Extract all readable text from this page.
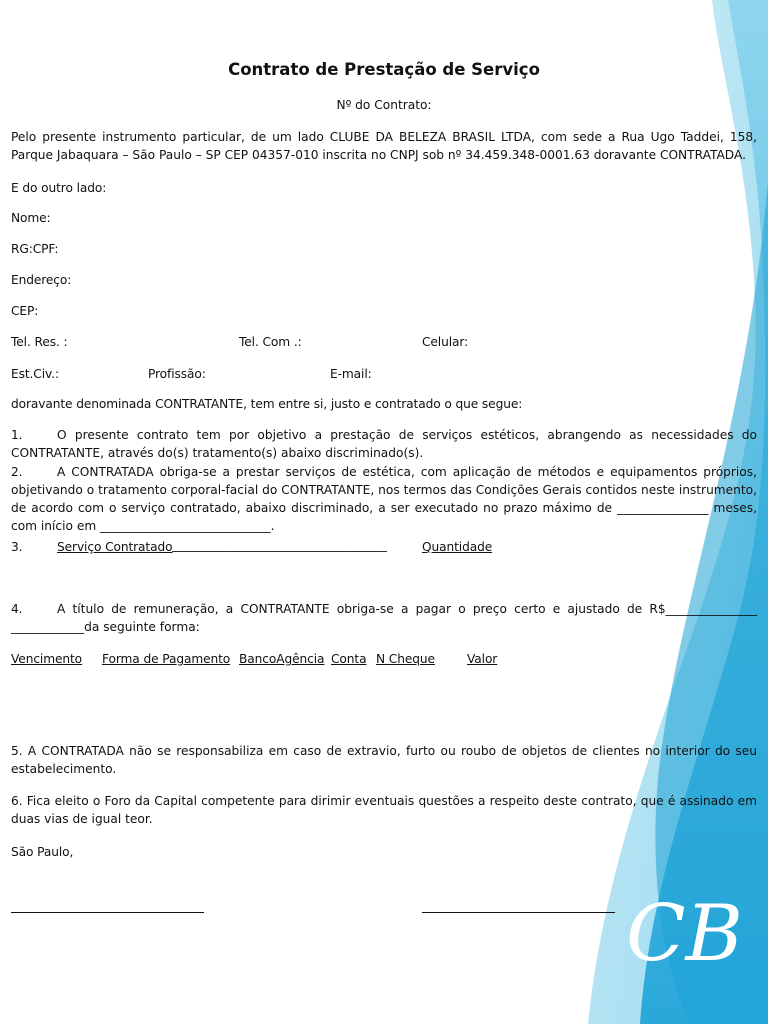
Contrato de Prestação de Serviço
Nº do Contrato:
Pelo presente instrumento particular, de um lado CLUBE DA BELEZA BRASIL LTDA, com sede a Rua Ugo Taddei, 158, Parque Jabaquara – São Paulo – SP CEP 04357-010 inscrita no CNPJ sob nº 34.459.348-0001.63 doravante CONTRATADA.
E do outro lado:
Nome:
RG:CPF:
Endereço:
CEP:
Tel. Res. :	Tel. Com .:	Celular:
Est.Civ.:	Profissão:	E-mail:
doravante denominada CONTRATANTE, tem entre si, justo e contratado o que segue:
1.	O presente contrato tem por objetivo a prestação de serviços estéticos, abrangendo as necessidades do CONTRATANTE, através do(s) tratamento(s) abaixo discriminado(s).
2.	A CONTRATADA obriga-se a prestar serviços de estética, com aplicação de métodos e equipamentos próprios, objetivando o tratamento corporal-facial do CONTRATANTE, nos termos das Condições Gerais contidos neste instrumento, de acordo com o serviço contratado, abaixo discriminado, a ser executado no prazo máximo de _______________ meses, com início em ____________________________.
3.	Serviço Contratado _______________________________________	Quantidade
4.	A título de remuneração, a CONTRATANTE obriga-se a pagar o preço certo e ajustado de R$_______________ ____________da seguinte forma:
Vencimento Forma de Pagamento BancoAgência Conta N Cheque	Valor
5. A CONTRATADA não se responsabiliza em caso de extravio, furto ou roubo de objetos de clientes no interior do seu estabelecimento.
6. Fica eleito o Foro da Capital competente para dirimir eventuais questões a respeito deste contrato, que é assinado em duas vias de igual teor.
São Paulo,
CB
